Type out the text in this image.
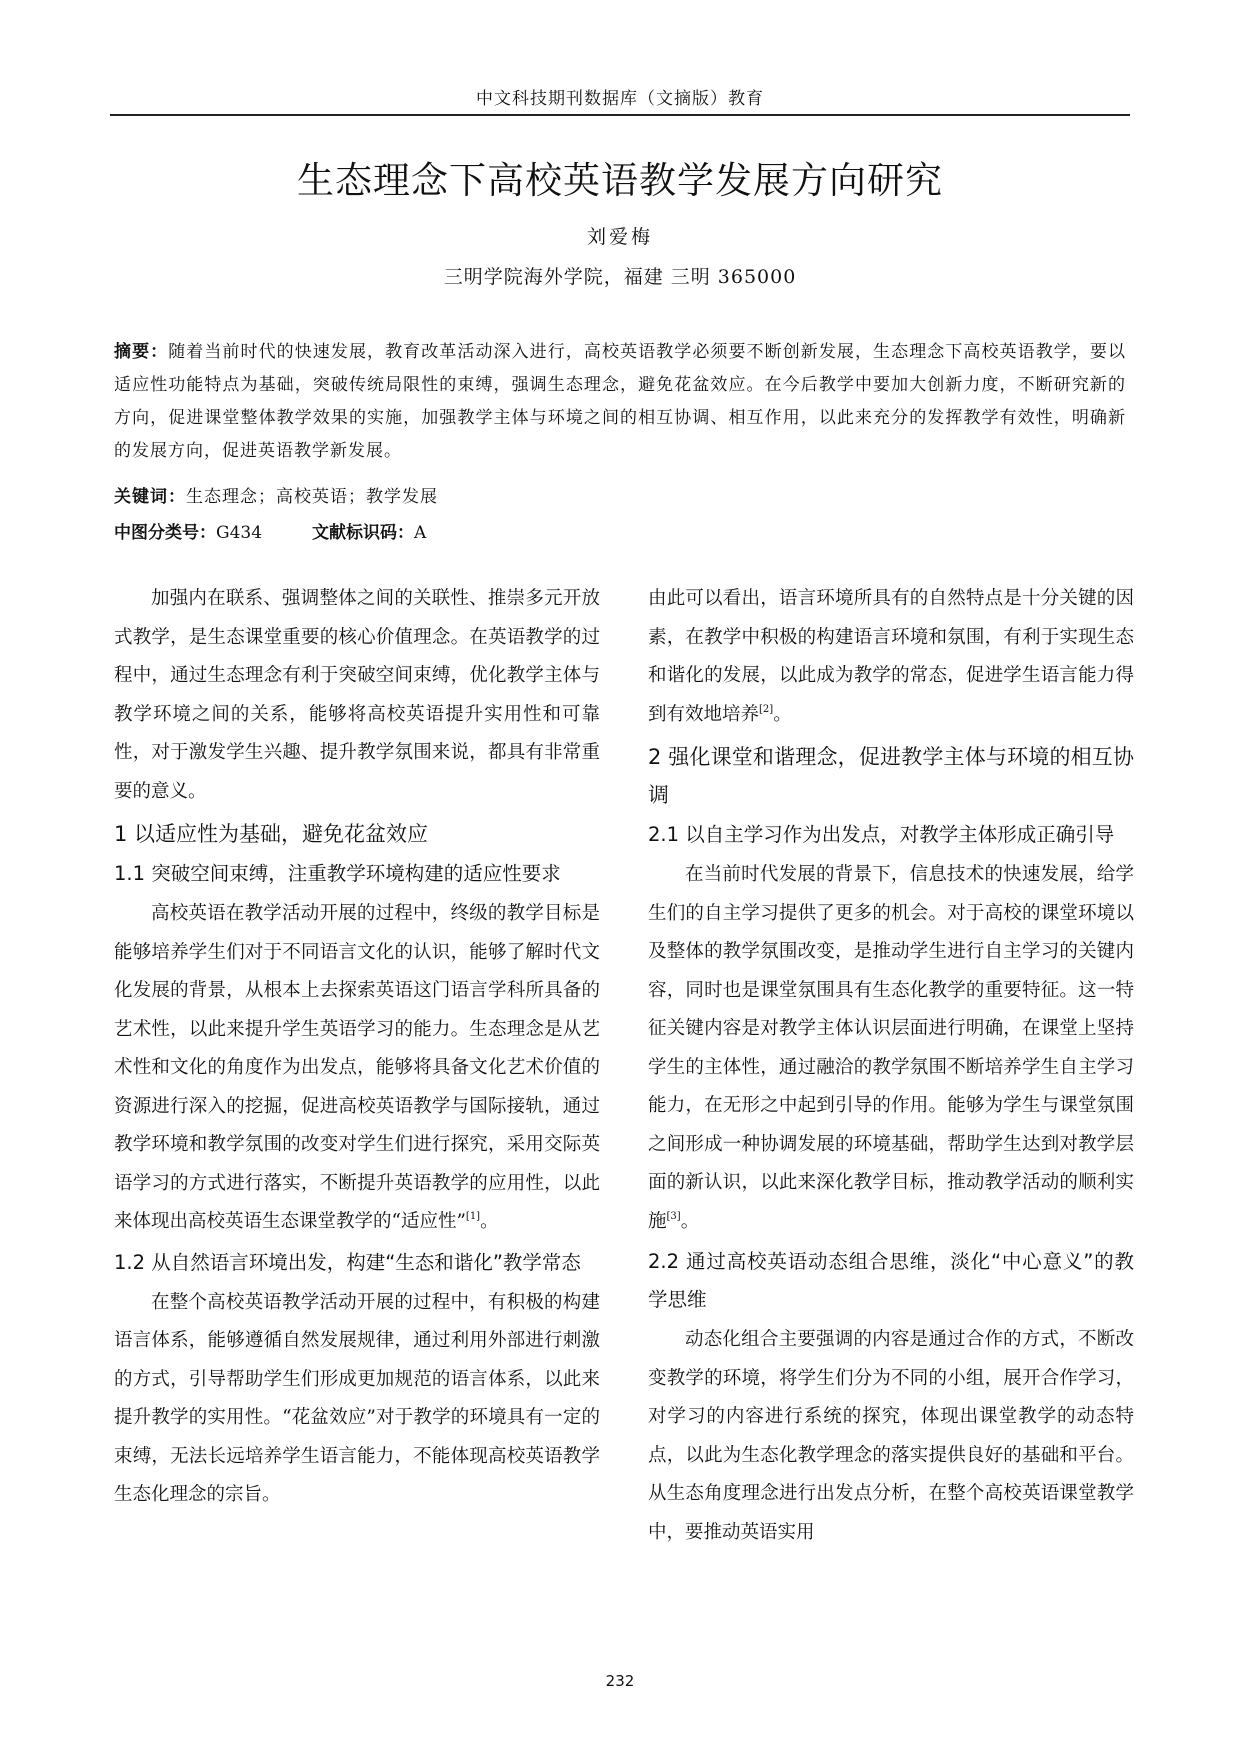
中文科技期刊数据库（文摘版）教育
生态理念下高校英语教学发展方向研究
刘爱梅
三明学院海外学院，福建 三明 365000
摘要：随着当前时代的快速发展，教育改革活动深入进行，高校英语教学必须要不断创新发展，生态理念下高校英语教学，要以适应性功能特点为基础，突破传统局限性的束缚，强调生态理念，避免花盆效应。在今后教学中要加大创新力度，不断研究新的方向，促进课堂整体教学效果的实施，加强教学主体与环境之间的相互协调、相互作用，以此来充分的发挥教学有效性，明确新的发展方向，促进英语教学新发展。
关键词：生态理念；高校英语；教学发展
中图分类号：G434	文献标识码：A

加强内在联系、强调整体之间的关联性、推崇多元开放式教学，是生态课堂重要的核心价值理念。在英语教学的过程中，通过生态理念有利于突破空间束缚，优化教学主体与教学环境之间的关系，能够将高校英语提升实用性和可靠性，对于激发学生兴趣、提升教学氛围来说，都具有非常重要的意义。

1 以适应性为基础，避免花盆效应
1.1 突破空间束缚，注重教学环境构建的适应性要求

高校英语在教学活动开展的过程中，终级的教学目标是能够培养学生们对于不同语言文化的认识，能够了解时代文化发展的背景，从根本上去探索英语这门语言学科所具备的艺术性，以此来提升学生英语学习的能力。生态理念是从艺术性和文化的角度作为出发点，能够将具备文化艺术价值的资源进行深入的挖掘，促进高校英语教学与国际接轨，通过教学环境和教学氛围的改变对学生们进行探究，采用交际英语学习的方式进行落实，不断提升英语教学的应用性，以此来体现出高校英语生态课堂教学的“适应性”[1]。

1.2 从自然语言环境出发，构建“生态和谐化”教学常态

在整个高校英语教学活动开展的过程中，有积极的构建语言体系，能够遵循自然发展规律，通过利用外部进行刺激的方式，引导帮助学生们形成更加规范的语言体系，以此来提升教学的实用性。“花盆效应”对于教学的环境具有一定的束缚，无法长远培养学生语言能力，不能体现高校英语教学生态化理念的宗旨。

由此可以看出，语言环境所具有的自然特点是十分关键的因素，在教学中积极的构建语言环境和氛围，有利于实现生态和谐化的发展，以此成为教学的常态，促进学生语言能力得到有效地培养[2]。

2 强化课堂和谐理念，促进教学主体与环境的相互协调
2.1 以自主学习作为出发点，对教学主体形成正确引导

在当前时代发展的背景下，信息技术的快速发展，给学生们的自主学习提供了更多的机会。对于高校的课堂环境以及整体的教学氛围改变，是推动学生进行自主学习的关键内容，同时也是课堂氛围具有生态化教学的重要特征。这一特征关键内容是对教学主体认识层面进行明确，在课堂上坚持学生的主体性，通过融洽的教学氛围不断培养学生自主学习能力，在无形之中起到引导的作用。能够为学生与课堂氛围之间形成一种协调发展的环境基础，帮助学生达到对教学层面的新认识，以此来深化教学目标，推动教学活动的顺利实施[3]。

2.2 通过高校英语动态组合思维，淡化“中心意义”的教学思维

动态化组合主要强调的内容是通过合作的方式，不断改变教学的环境，将学生们分为不同的小组，展开合作学习，对学习的内容进行系统的探究，体现出课堂教学的动态特点，以此为生态化教学理念的落实提供良好的基础和平台。从生态角度理念进行出发点分析，在整个高校英语课堂教学中，要推动英语实用

232
